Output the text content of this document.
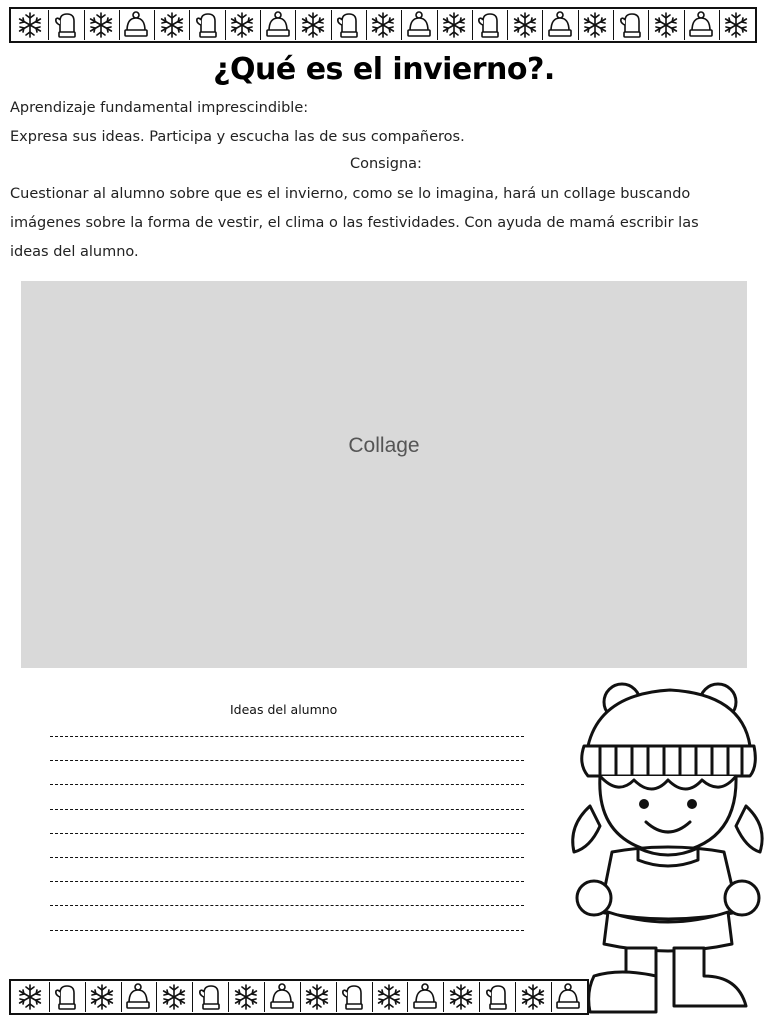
¿Qué es el invierno?.
Aprendizaje fundamental imprescindible:
Expresa sus ideas. Participa y escucha las de sus compañeros.
Consigna:
Cuestionar al alumno sobre que es el invierno, como se lo imagina, hará un collage buscando
imágenes sobre la forma de vestir, el clima o las festividades. Con ayuda de mamá escribir las
ideas del alumno.
Collage
Ideas del alumno
